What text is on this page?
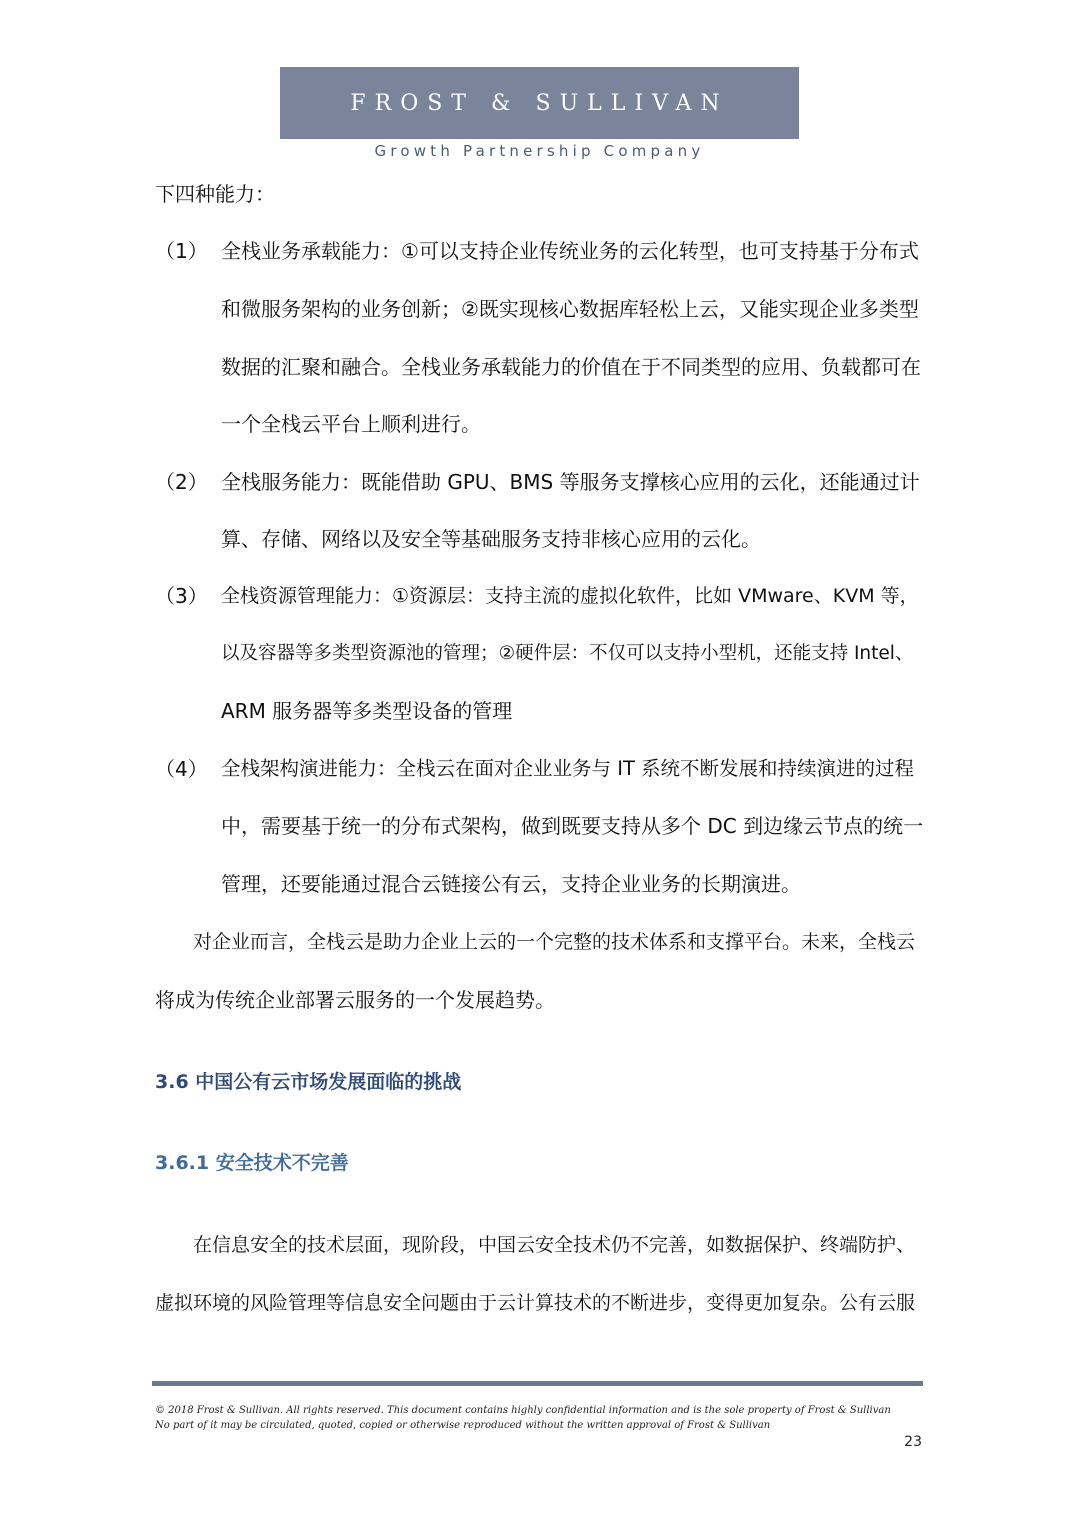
FROST & SULLIVAN
Growth Partnership Company
下四种能力：
（1） 全栈业务承载能力：①可以支持企业传统业务的云化转型，也可支持基于分布式
和微服务架构的业务创新；②既实现核心数据库轻松上云，又能实现企业多类型
数据的汇聚和融合。全栈业务承载能力的价值在于不同类型的应用、负载都可在
一个全栈云平台上顺利进行。
（2） 全栈服务能力：既能借助 GPU、BMS 等服务支撑核心应用的云化，还能通过计
算、存储、网络以及安全等基础服务支持非核心应用的云化。
（3） 全栈资源管理能力：①资源层：支持主流的虚拟化软件，比如 VMware、KVM 等，
以及容器等多类型资源池的管理；②硬件层：不仅可以支持小型机，还能支持 Intel、
ARM 服务器等多类型设备的管理
（4） 全栈架构演进能力：全栈云在面对企业业务与 IT 系统不断发展和持续演进的过程
中，需要基于统一的分布式架构，做到既要支持从多个 DC 到边缘云节点的统一
管理，还要能通过混合云链接公有云，支持企业业务的长期演进。
对企业而言，全栈云是助力企业上云的一个完整的技术体系和支撑平台。未来，全栈云
将成为传统企业部署云服务的一个发展趋势。
3.6 中国公有云市场发展面临的挑战
3.6.1 安全技术不完善
在信息安全的技术层面，现阶段，中国云安全技术仍不完善，如数据保护、终端防护、
虚拟环境的风险管理等信息安全问题由于云计算技术的不断进步，变得更加复杂。公有云服
© 2018 Frost & Sullivan. All rights reserved. This document contains highly confidential information and is the sole property of Frost & Sullivan
No part of it may be circulated, quoted, copied or otherwise reproduced without the written approval of Frost & Sullivan
23
